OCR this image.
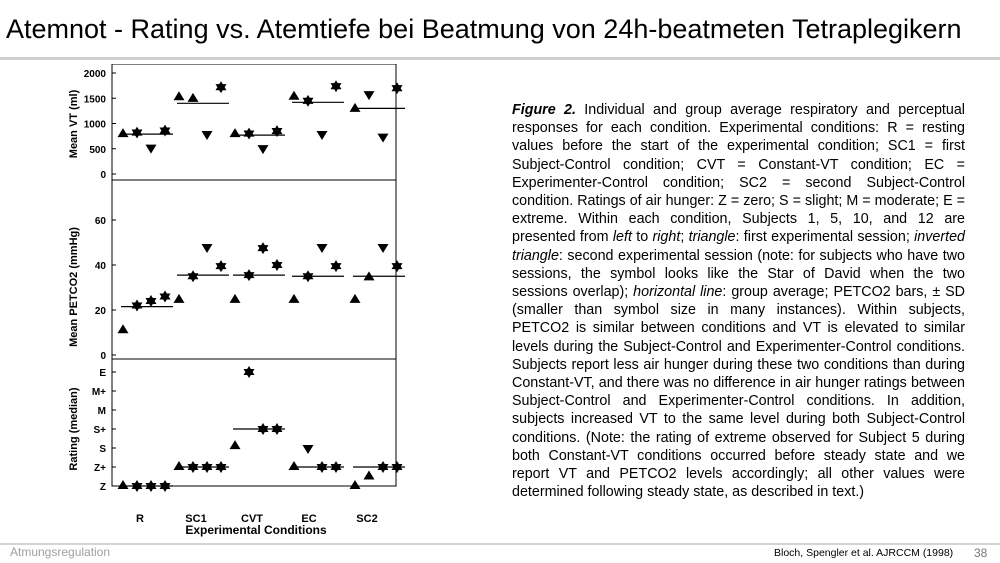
Atemnot - Rating vs. Atemtiefe bei Beatmung von 24h-beatmeten Tetraplegikern
0
500
1000
1500
2000
Mean VT (ml)
0
20
40
60
Mean PETCO2 (mmHg)
Z
Z+
S
S+
M
M+
E
Rating (median)
R	SC1	CVT	EC	SC2
Experimental Conditions
Figure 2. Individual and group average respiratory and perceptual responses for each condition. Experimental conditions: R = resting values before the start of the experimental condition; SC1 = first Subject-Control condition; CVT = Constant-VT condition; EC = Experimenter-Control condition; SC2 = second Subject-Control condition. Ratings of air hunger: Z = zero; S = slight; M = moderate; E = extreme. Within each condition, Subjects 1, 5, 10, and 12 are presented from left to right; triangle: first experimental session; inverted triangle: second experimental session (note: for subjects who have two sessions, the symbol looks like the Star of David when the two sessions overlap); horizontal line: group average; PETCO2 bars, ± SD (smaller than symbol size in many instances). Within subjects, PETCO2 is similar between conditions and VT is elevated to similar levels during the Subject-Control and Experimenter-Control conditions. Subjects report less air hunger during these two conditions than during Constant-VT, and there was no difference in air hunger ratings between Subject-Control and Experimenter-Control conditions. In addition, subjects increased VT to the same level during both Subject-Control conditions. (Note: the rating of extreme observed for Subject 5 during both Constant-VT conditions occurred before steady state and we report VT and PETCO2 levels accordingly; all other values were determined following steady state, as described in text.)
Atmungsregulation	Bloch, Spengler et al. AJRCCM (1998) 38
